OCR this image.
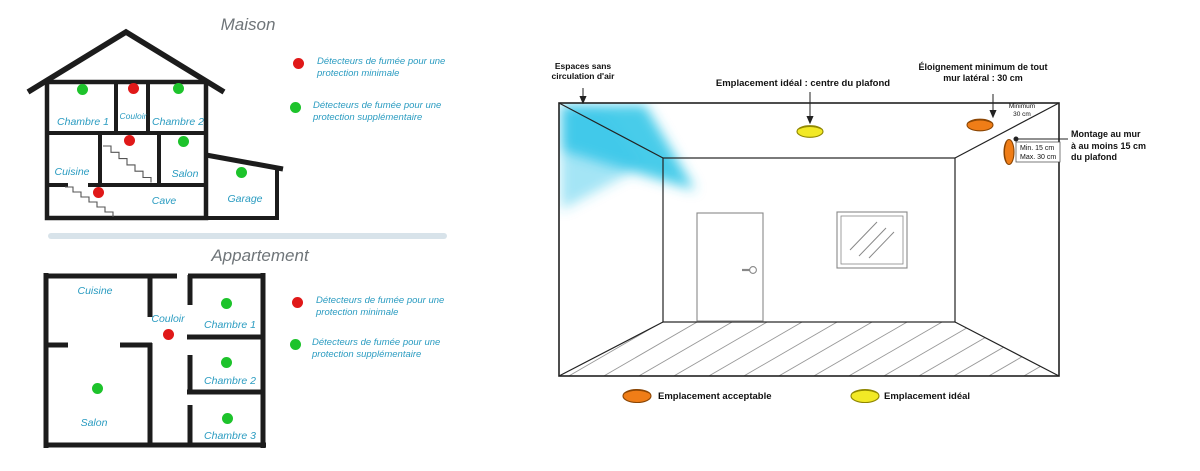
Maison
Chambre 1	Couloir Chambre 2
Cuisine	Salon
Cave	Garage
Détecteurs de fumée pour une
protection minimale
Détecteurs de fumée pour une
protection supplémentaire
Appartement
Cuisine
Couloir	Chambre 1
Chambre 2
Chambre 3
Salon
Détecteurs de fumée pour une
protection minimale
Détecteurs de fumée pour une
protection supplémentaire
Espaces sans
circulation d'air
Emplacement idéal : centre du plafond
Éloignement minimum de tout
mur latéral : 30 cm
Minimum
30 cm
Min. 15 cm
Max. 30 cm
Montage au mur
à au moins 15 cm
du plafond
Emplacement acceptable	Emplacement idéal
